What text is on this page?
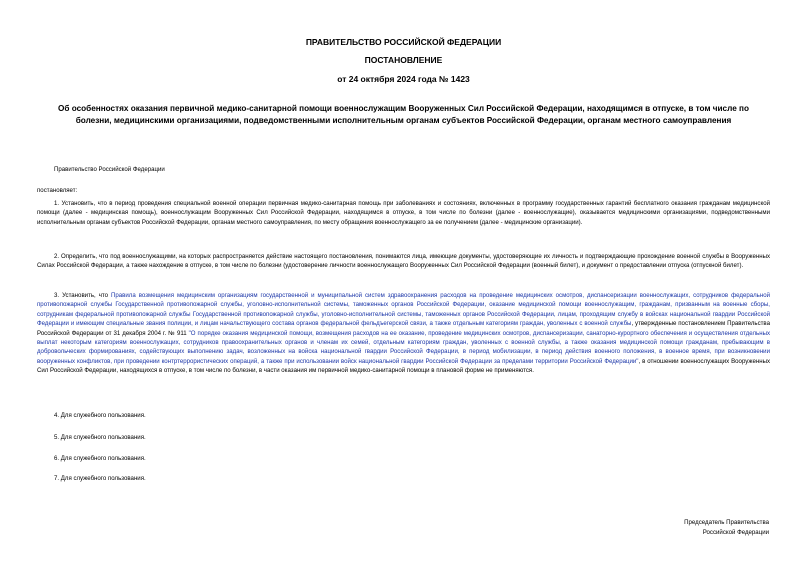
ПРАВИТЕЛЬСТВО РОССИЙСКОЙ ФЕДЕРАЦИИ
ПОСТАНОВЛЕНИЕ
от 24 октября 2024 года № 1423
Об особенностях оказания первичной медико-санитарной помощи военнослужащим Вооруженных Сил Российской Федерации, находящимся в отпуске, в том числе по болезни, медицинскими организациями, подведомственными исполнительным органам субъектов Российской Федерации, органам местного самоуправления
Правительство Российской Федерации
постановляет:

1. Установить, что в период проведения специальной военной операции первичная медико-санитарная помощь при заболеваниях и состояниях, включенных в программу государственных гарантий бесплатного оказания гражданам медицинской помощи (далее - медицинская помощь), военнослужащим Вооруженных Сил Российской Федерации, находящимся в отпуске, в том числе по болезни (далее - военнослужащие), оказывается медицинскими организациями, подведомственными исполнительным органам субъектов Российской Федерации, органам местного самоуправления, по месту обращения военнослужащего за ее получением (далее - медицинские организации).

2. Определить, что под военнослужащими, на которых распространяется действие настоящего постановления, понимаются лица, имеющие документы, удостоверяющие их личность и подтверждающие прохождение военной службы в Вооруженных Силах Российской Федерации, а также нахождение в отпуске, в том числе по болезни (удостоверение личности военнослужащего Вооруженных Сил Российской Федерации (военный билет), и документ о предоставлении отпуска (отпускной билет).

3. Установить, что Правила возмещения медицинским организациям государственной и муниципальной систем здравоохранения расходов на проведение медицинских осмотров, диспансеризации военнослужащих, сотрудников федеральной противопожарной службы Государственной противопожарной службы, уголовно-исполнительной системы, таможенных органов Российской Федерации, оказание медицинской помощи военнослужащим, гражданам, призванным на военные сборы, сотрудникам федеральной противопожарной службы Государственной противопожарной службы, уголовно-исполнительной системы, таможенных органов Российской Федерации, лицам, проходящим службу в войсках национальной гвардии Российской Федерации и имеющим специальные звания полиции, и лицам начальствующего состава органов федеральной фельдъегерской связи, а также отдельным категориям граждан, уволенных с военной службы, утвержденные постановлением Правительства Российской Федерации от 31 декабря 2004 г. № 911 "О порядке оказания медицинской помощи, возмещения расходов на ее оказание, проведение медицинских осмотров, диспансеризации, санаторно-курортного обеспечения и осуществления отдельных выплат некоторым категориям военнослужащих, сотрудников правоохранительных органов и членам их семей, отдельным категориям граждан, уволенных с военной службы, а также оказания медицинской помощи гражданам, пребывающим в добровольческих формированиях, содействующих выполнению задач, возложенных на войска национальной гвардии Российской Федерации, в период мобилизации, в период действия военного положения, в военное время, при возникновении вооруженных конфликтов, при проведении контртеррористических операций, а также при использовании войск национальной гвардии Российской Федерации за пределами территории Российской Федерации", в отношении военнослужащих Вооруженных Сил Российской Федерации, находящихся в отпуске, в том числе по болезни, в части оказания им первичной медико-санитарной помощи в плановой форме не применяются.

4. Для служебного пользования.
5. Для служебного пользования.
6. Для служебного пользования.
7. Для служебного пользования.
Председатель Правительства
Российской Федерации
